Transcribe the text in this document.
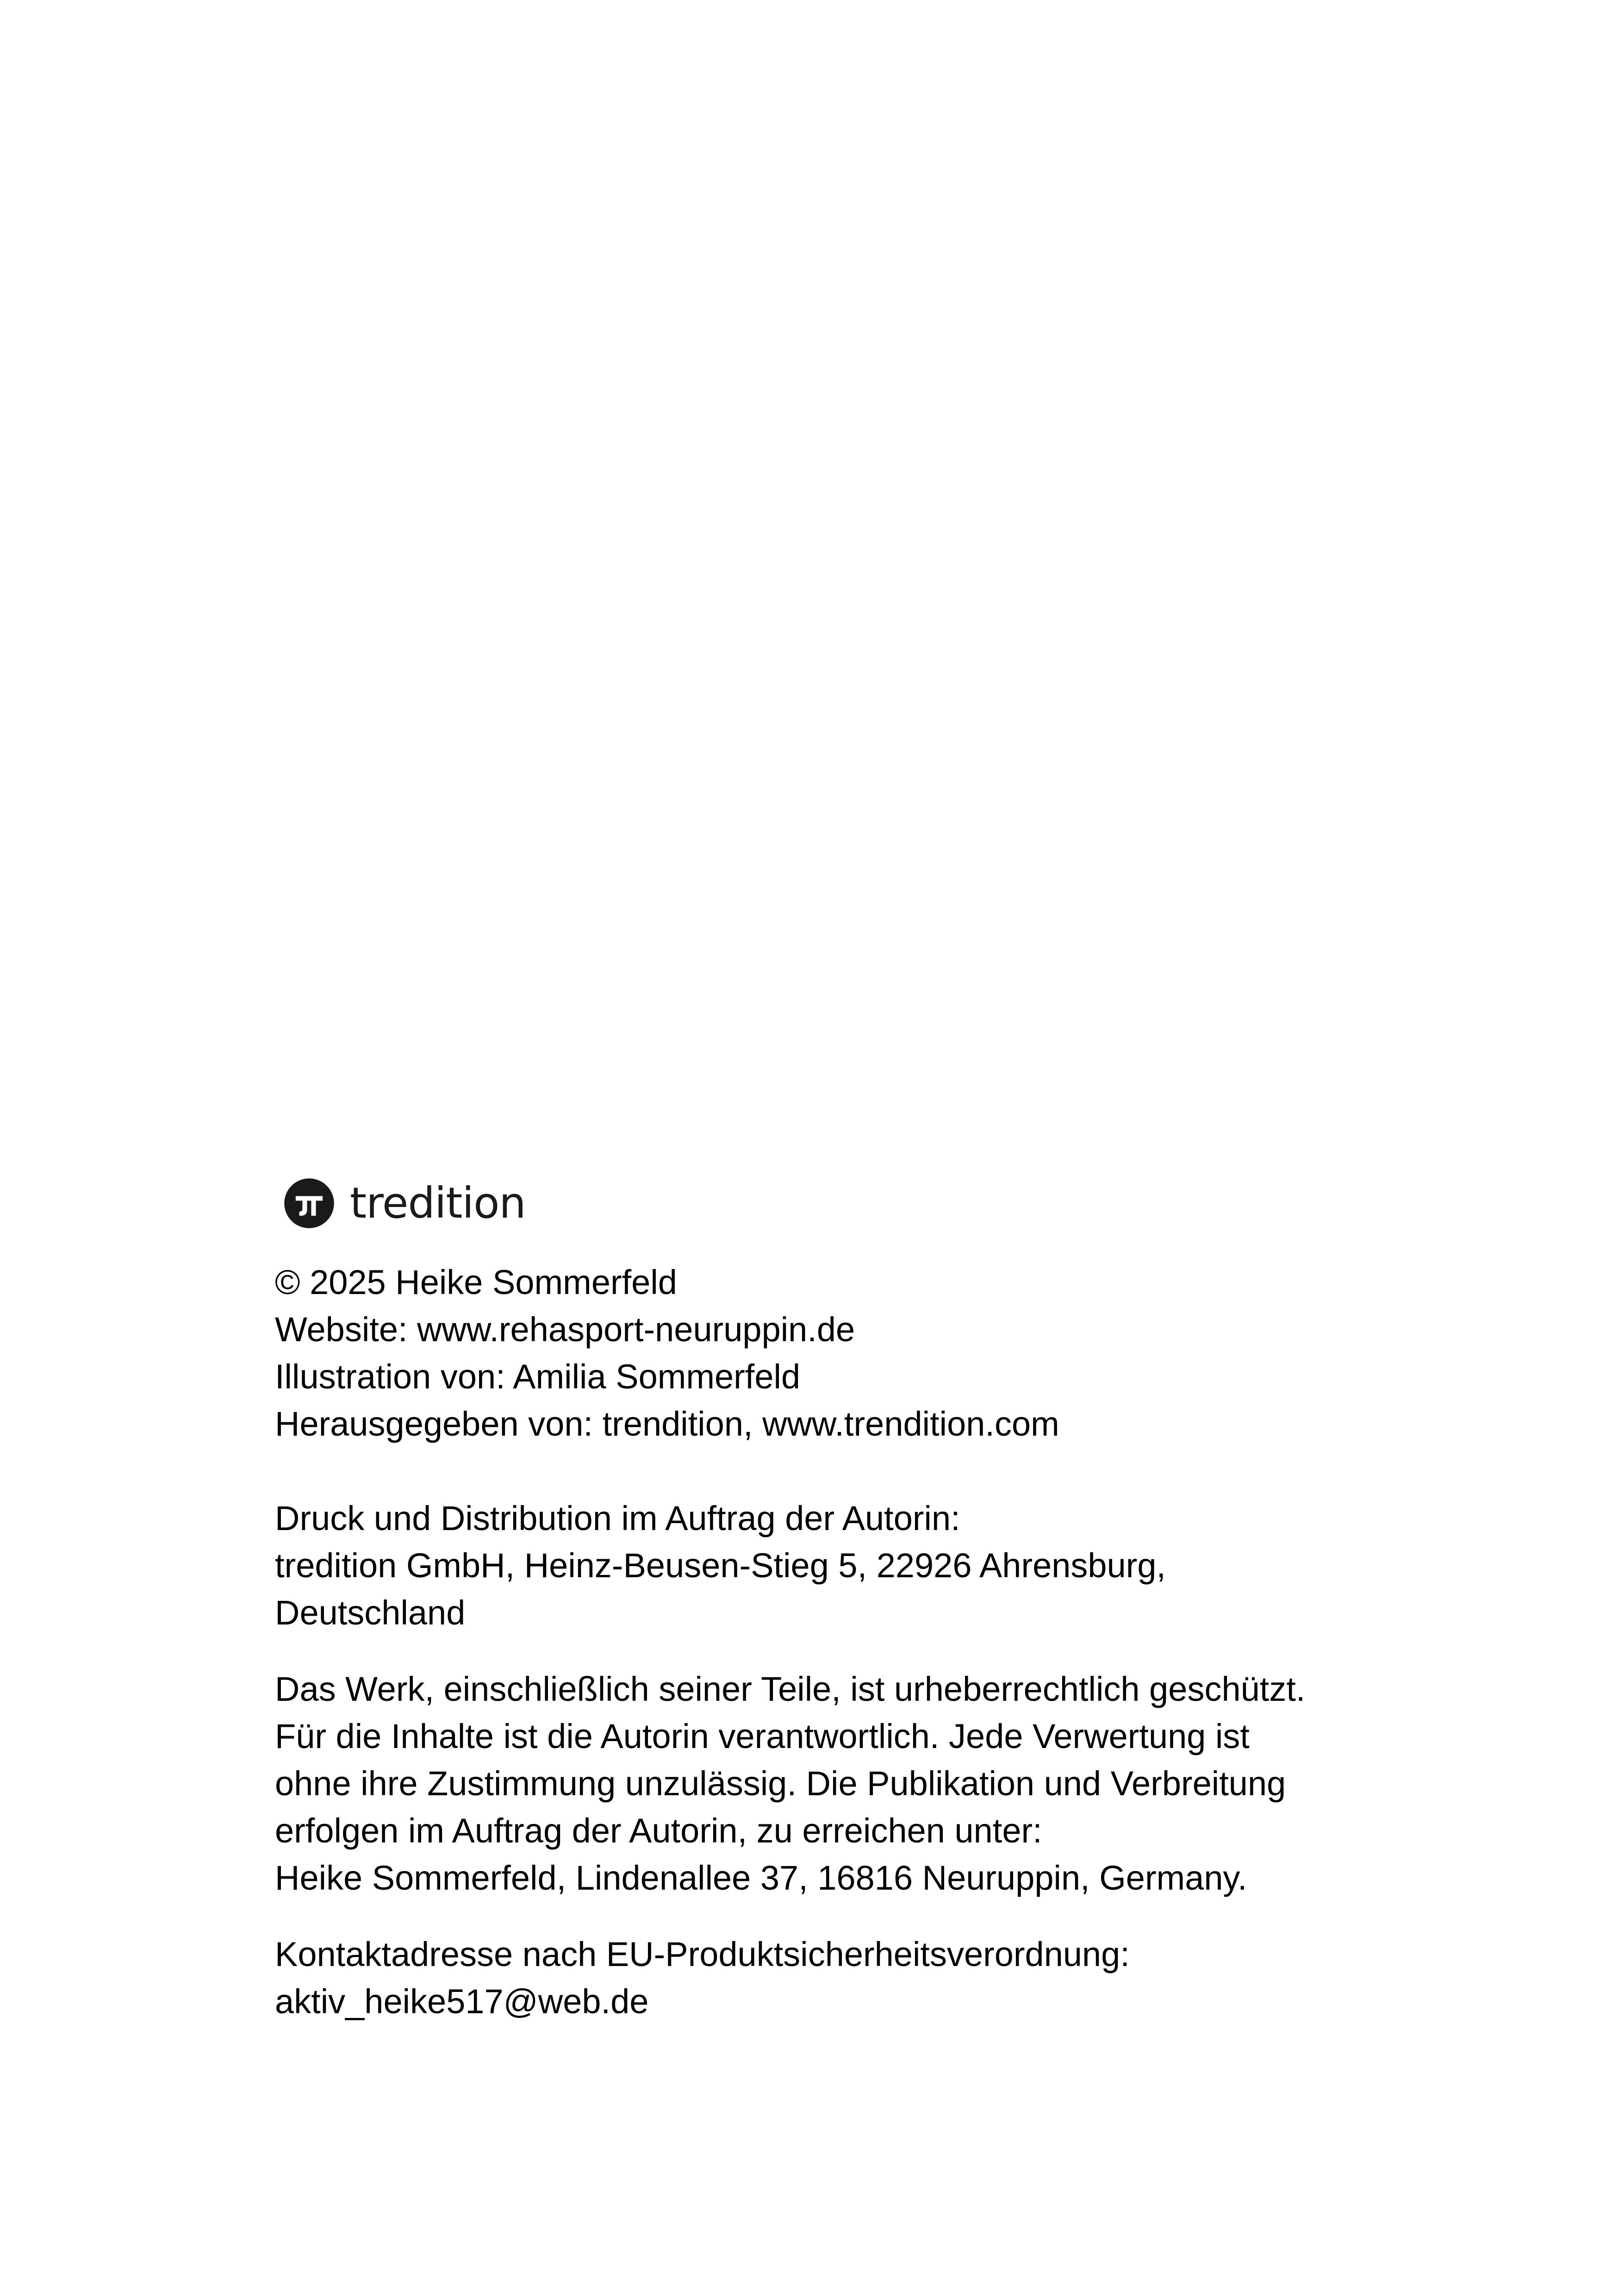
tredition
© 2025 Heike Sommerfeld
Website: www.rehasport-neuruppin.de
Illustration von: Amilia Sommerfeld
Herausgegeben von: trendition, www.trendition.com
Druck und Distribution im Auftrag der Autorin:
tredition GmbH, Heinz-Beusen-Stieg 5, 22926 Ahrensburg,
Deutschland
Das Werk, einschließlich seiner Teile, ist urheberrechtlich geschützt.
Für die Inhalte ist die Autorin verantwortlich. Jede Verwertung ist
ohne ihre Zustimmung unzulässig. Die Publikation und Verbreitung
erfolgen im Auftrag der Autorin, zu erreichen unter:
Heike Sommerfeld, Lindenallee 37, 16816 Neuruppin, Germany.
Kontaktadresse nach EU-Produktsicherheitsverordnung:
aktiv_heike517@web.de
